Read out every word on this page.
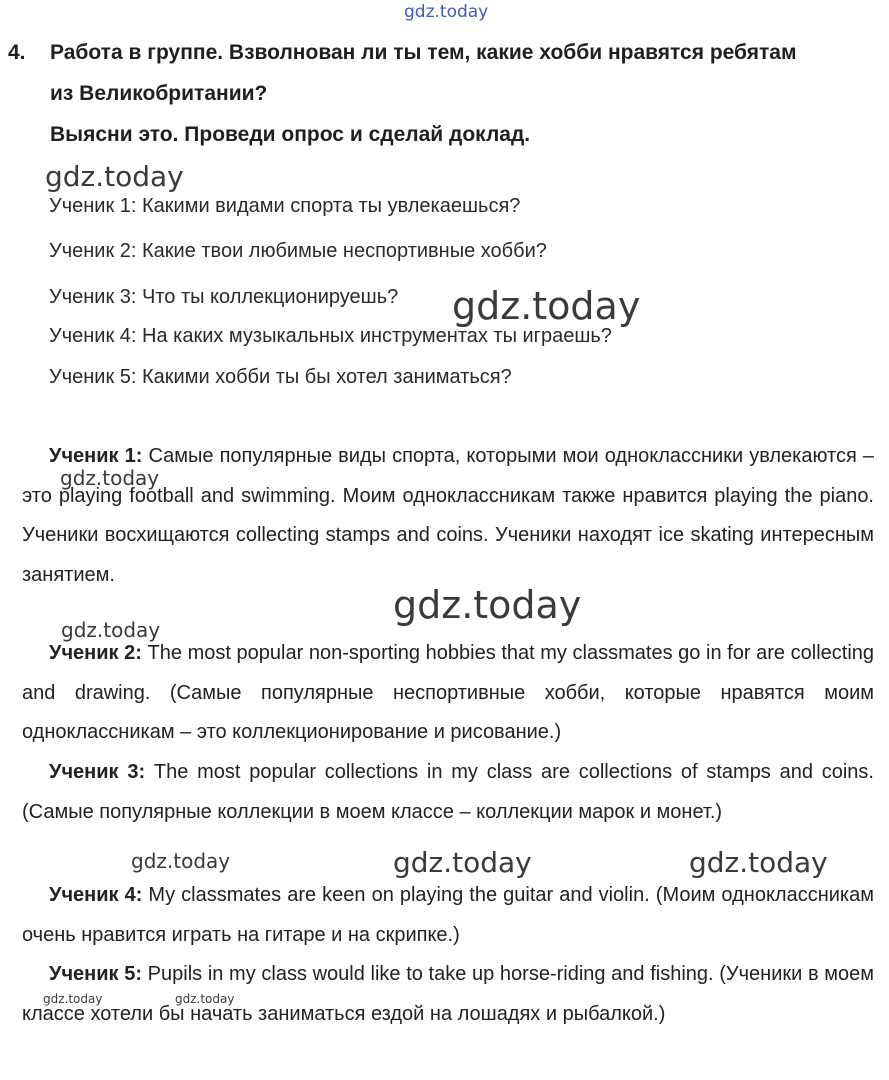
gdz.today
gdz.today
gdz.today
gdz.today
gdz.today
gdz.today
gdz.today	gdz.today	gdz.today
gdz.today	gdz.today
4. Работа в группе. Взволнован ли ты тем, какие хобби нравятся ребятам
из Великобритании?
Выясни это. Проведи опрос и сделай доклад.
Ученик 1: Какими видами спорта ты увлекаешься?
Ученик 2: Какие твои любимые неспортивные хобби?
Ученик 3: Что ты коллекционируешь?
Ученик 4: На каких музыкальных инструментах ты играешь?
Ученик 5: Какими хобби ты бы хотел заниматься?

Ученик 1: Самые популярные виды спорта, которыми мои одноклассники увлекаются – это playing football and swimming. Моим одноклассникам также нравится playing the piano. Ученики восхищаются collecting stamps and coins. Ученики находят ice skating интересным занятием.

Ученик 2: The most popular non-sporting hobbies that my classmates go in for are collecting and drawing. (Самые популярные неспортивные хобби, которые нравятся моим одноклассникам – это коллекционирование и рисование.)

Ученик 3: The most popular collections in my class are collections of stamps and coins. (Самые популярные коллекции в моем классе – коллекции марок и монет.)

Ученик 4: My classmates are keen on playing the guitar and violin. (Моим одноклассникам очень нравится играть на гитаре и на скрипке.)

Ученик 5: Pupils in my class would like to take up horse-riding and fishing. (Ученики в моем классе хотели бы начать заниматься ездой на лошадях и рыбалкой.)
